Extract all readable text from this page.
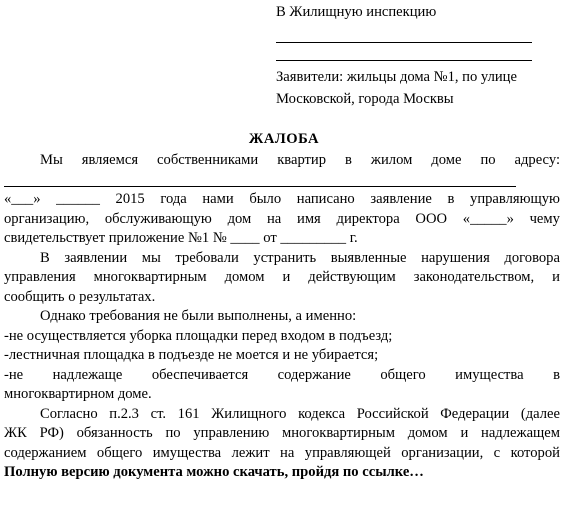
В Жилищную инспекцию
Заявители: жильцы дома №1, по улице
Московской, города Москвы
ЖАЛОБА
Мы являемся собственниками квартир в жилом доме по адресу:
«___» ______ 2015 года нами было написано заявление в управляющую
организацию, обслуживающую дом на имя директора ООО «_____» чему
свидетельствует приложение №1 № ____ от _________ г.
В заявлении мы требовали устранить выявленные нарушения договора
управления многоквартирным домом и действующим законодательством, и
сообщить о результатах.
Однако требования не были выполнены, а именно:
-не осуществляется уборка площадки перед входом в подъезд;
-лестничная площадка в подъезде не моется и не убирается;
-не надлежаще обеспечивается содержание общего имущества в
многоквартирном доме.
Согласно п.2.3 ст. 161 Жилищного кодекса Российской Федерации (далее
ЖК РФ) обязанность по управлению многоквартирным домом и надлежащем
содержанием общего имущества лежит на управляющей организации, с которой
Полную версию документа можно скачать, пройдя по ссылке…
